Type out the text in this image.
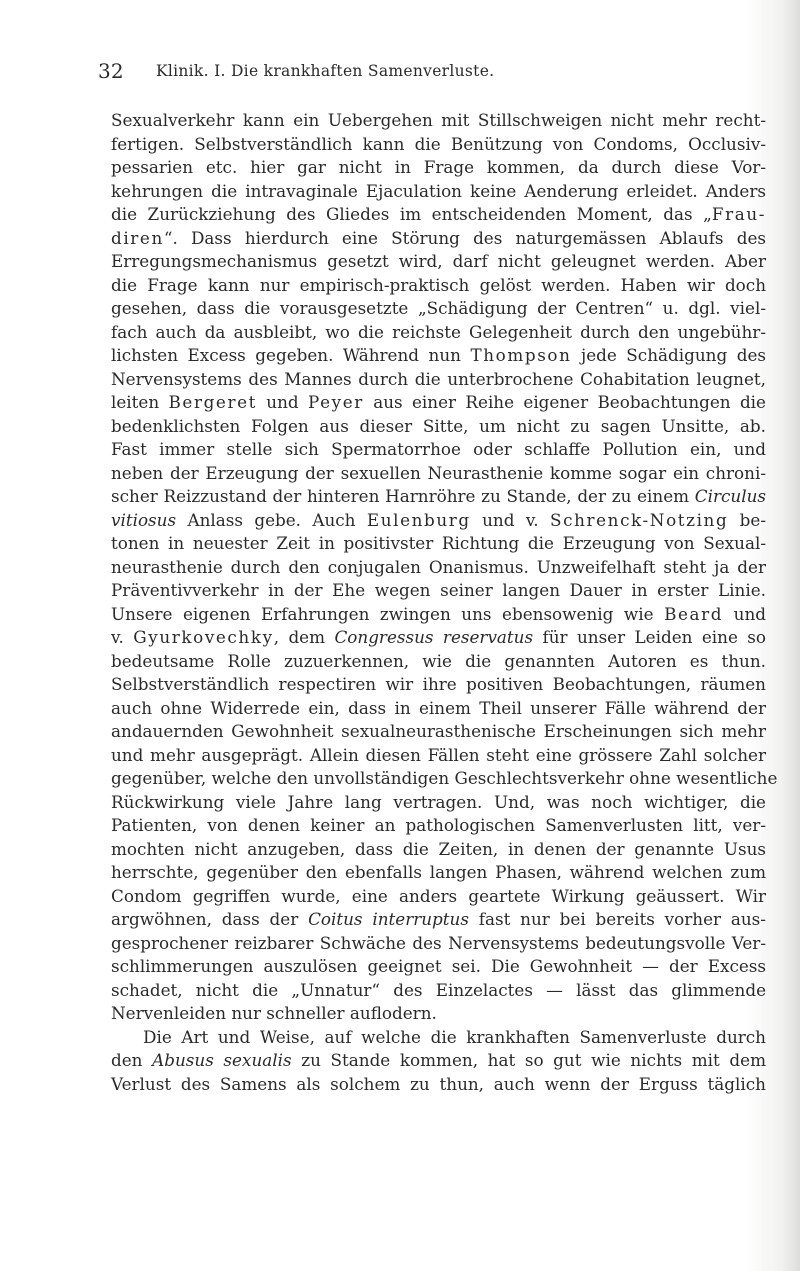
32 Klinik. I. Die krankhaften Samenverluste.
Sexualverkehr kann ein Uebergehen mit Stillschweigen nicht mehr recht-
fertigen. Selbstverständlich kann die Benützung von Condoms, Occlusiv-
pessarien etc. hier gar nicht in Frage kommen, da durch diese Vor-
kehrungen die intravaginale Ejaculation keine Aenderung erleidet. Anders
die Zurückziehung des Gliedes im entscheidenden Moment, das „Frau-
diren“. Dass hierdurch eine Störung des naturgemässen Ablaufs des
Erregungsmechanismus gesetzt wird, darf nicht geleugnet werden. Aber
die Frage kann nur empirisch-praktisch gelöst werden. Haben wir doch
gesehen, dass die vorausgesetzte „Schädigung der Centren“ u. dgl. viel-
fach auch da ausbleibt, wo die reichste Gelegenheit durch den ungebühr-
lichsten Excess gegeben. Während nun Thompson jede Schädigung des
Nervensystems des Mannes durch die unterbrochene Cohabitation leugnet,
leiten Bergeret und Peyer aus einer Reihe eigener Beobachtungen die
bedenklichsten Folgen aus dieser Sitte, um nicht zu sagen Unsitte, ab.
Fast immer stelle sich Spermatorrhoe oder schlaffe Pollution ein, und
neben der Erzeugung der sexuellen Neurasthenie komme sogar ein chroni-
scher Reizzustand der hinteren Harnröhre zu Stande, der zu einem Circulus
vitiosus Anlass gebe. Auch Eulenburg und v. Schrenck-Notzing be-
tonen in neuester Zeit in positivster Richtung die Erzeugung von Sexual-
neurasthenie durch den conjugalen Onanismus. Unzweifelhaft steht ja der
Präventivverkehr in der Ehe wegen seiner langen Dauer in erster Linie.
Unsere eigenen Erfahrungen zwingen uns ebensowenig wie Beard und
v. Gyurkovechky, dem Congressus reservatus für unser Leiden eine so
bedeutsame Rolle zuzuerkennen, wie die genannten Autoren es thun.
Selbstverständlich respectiren wir ihre positiven Beobachtungen, räumen
auch ohne Widerrede ein, dass in einem Theil unserer Fälle während der
andauernden Gewohnheit sexualneurasthenische Erscheinungen sich mehr
und mehr ausgeprägt. Allein diesen Fällen steht eine grössere Zahl solcher
gegenüber, welche den unvollständigen Geschlechtsverkehr ohne wesentliche
Rückwirkung viele Jahre lang vertragen. Und, was noch wichtiger, die
Patienten, von denen keiner an pathologischen Samenverlusten litt, ver-
mochten nicht anzugeben, dass die Zeiten, in denen der genannte Usus
herrschte, gegenüber den ebenfalls langen Phasen, während welchen zum
Condom gegriffen wurde, eine anders geartete Wirkung geäussert. Wir
argwöhnen, dass der Coitus interruptus fast nur bei bereits vorher aus-
gesprochener reizbarer Schwäche des Nervensystems bedeutungsvolle Ver-
schlimmerungen auszulösen geeignet sei. Die Gewohnheit — der Excess
schadet, nicht die „Unnatur“ des Einzelactes — lässt das glimmende
Nervenleiden nur schneller auflodern.
Die Art und Weise, auf welche die krankhaften Samenverluste durch
den Abusus sexualis zu Stande kommen, hat so gut wie nichts mit dem
Verlust des Samens als solchem zu thun, auch wenn der Erguss täglich
